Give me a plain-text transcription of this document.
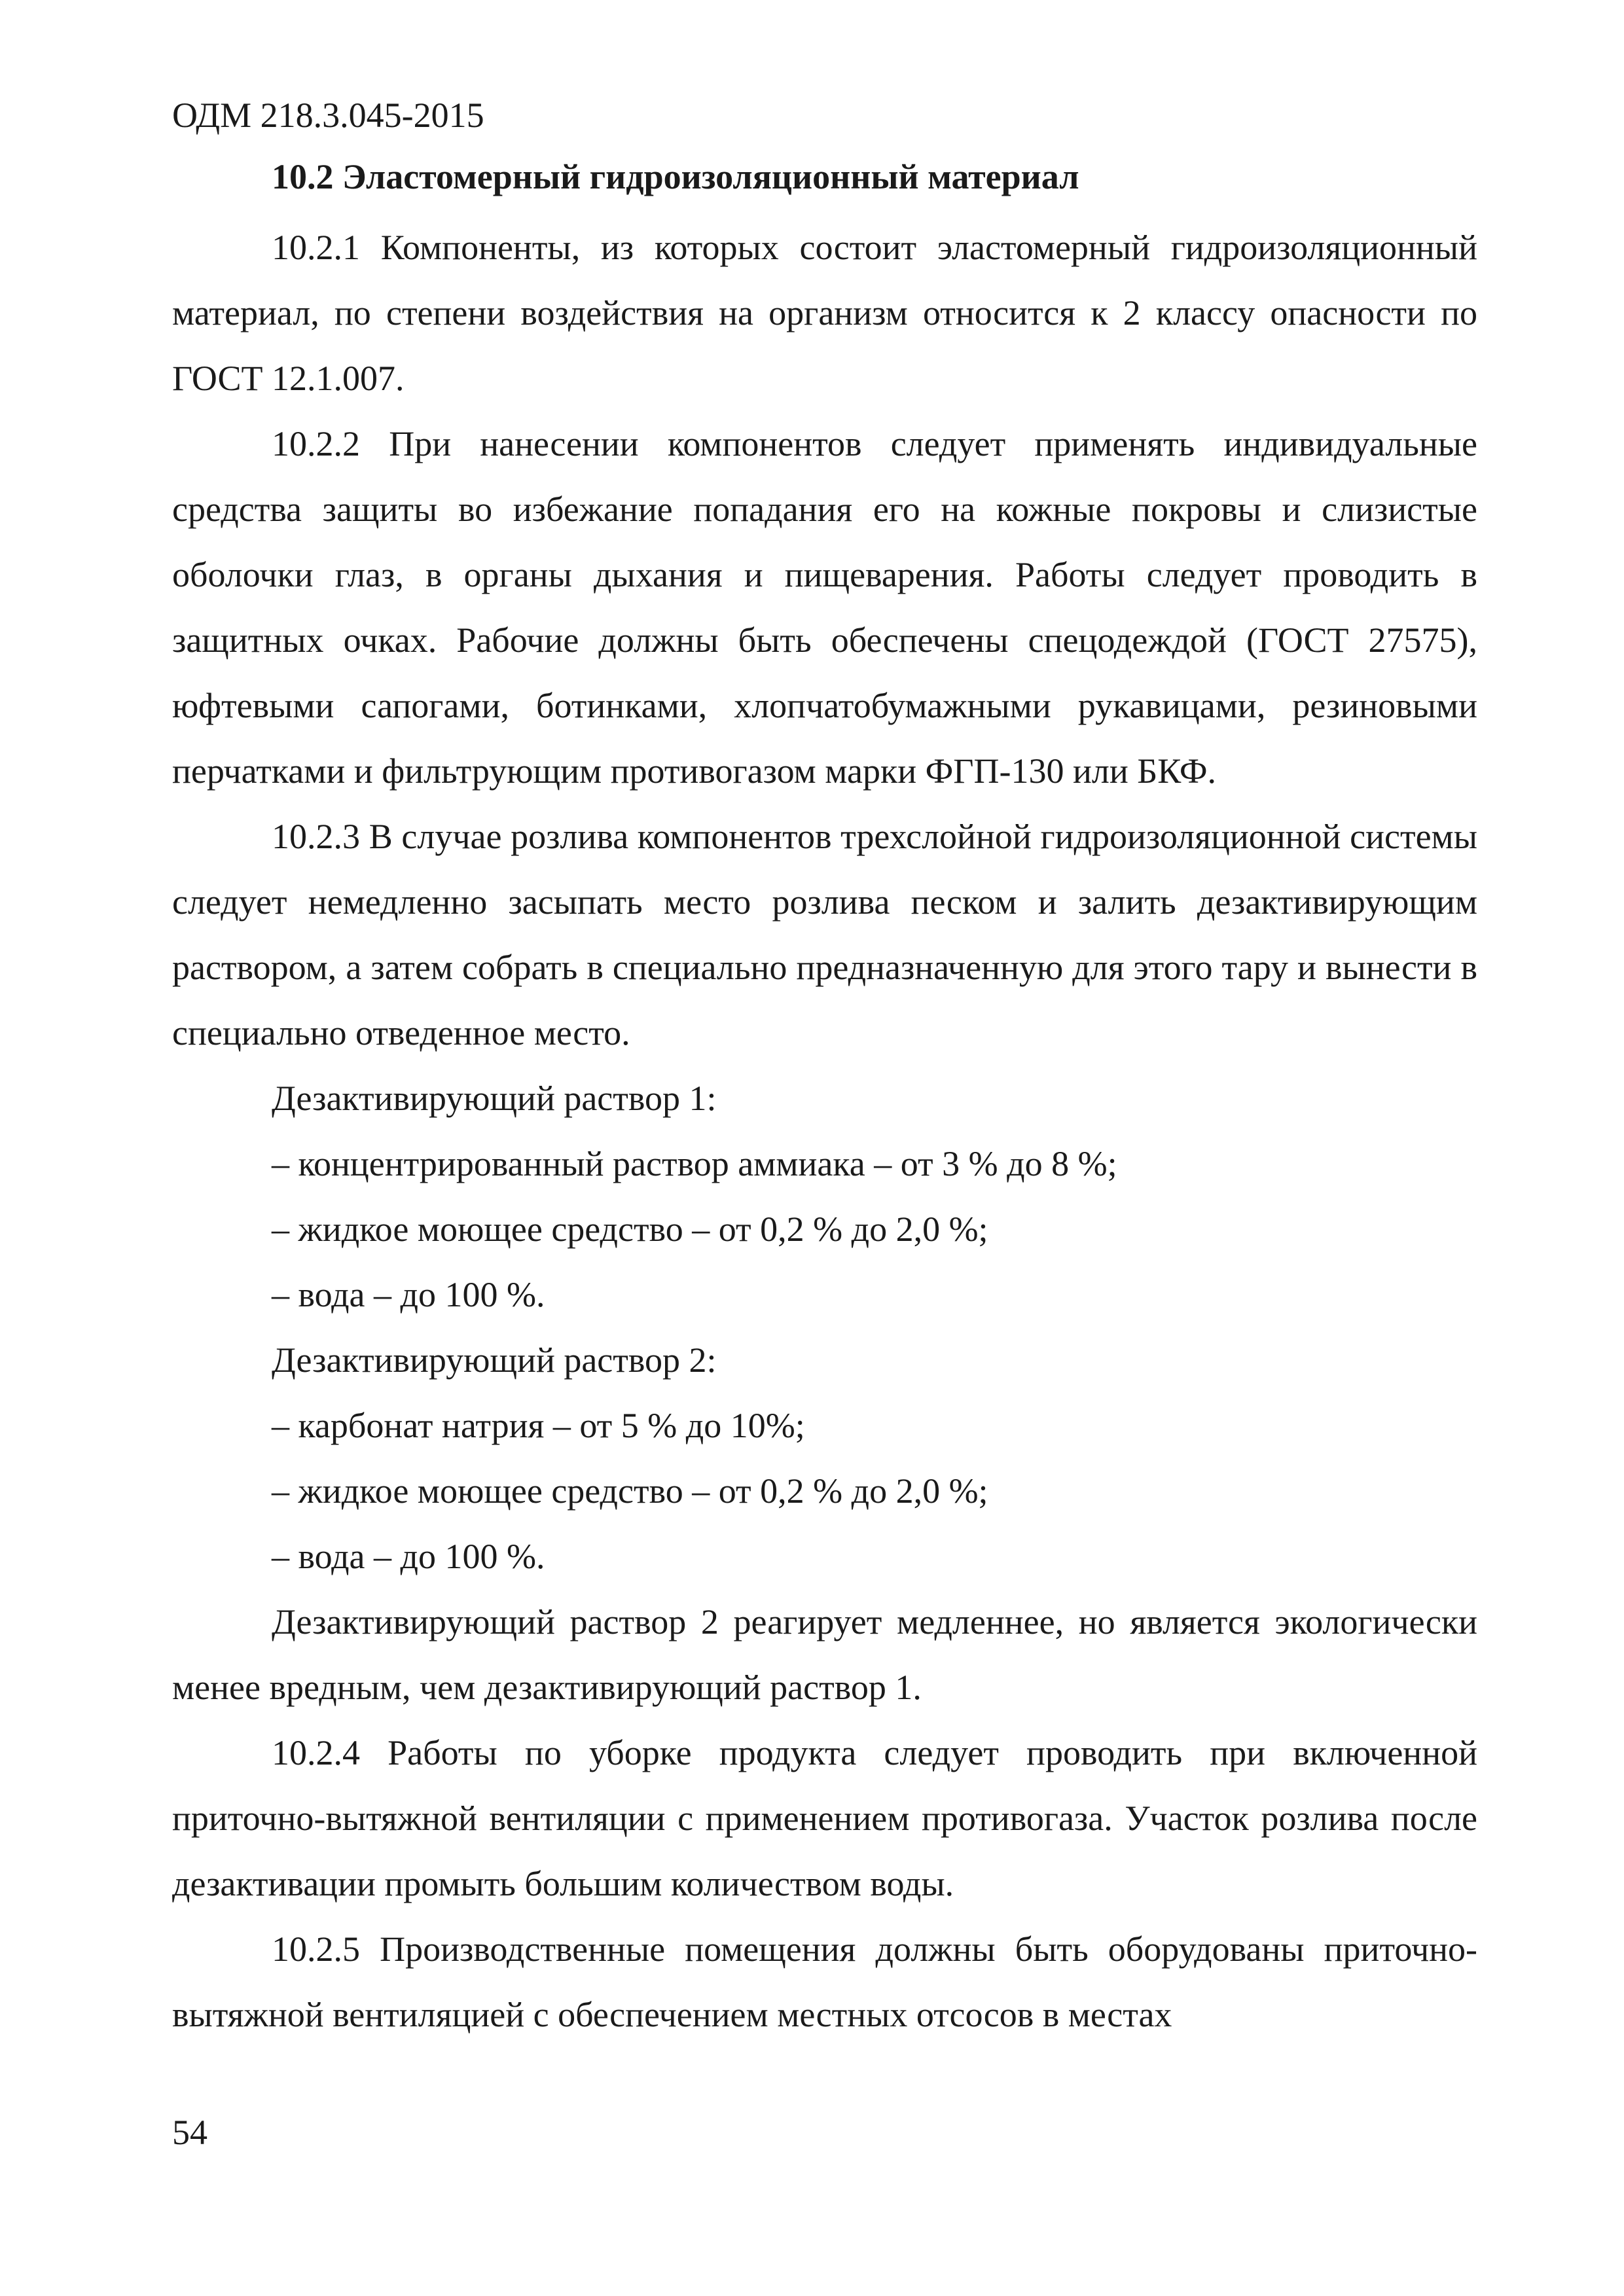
ОДМ 218.3.045-2015

10.2 Эластомерный гидроизоляционный материал

10.2.1 Компоненты, из которых состоит эластомерный гидроизоляционный материал, по степени воздействия на организм относится к 2 классу опасности по ГОСТ 12.1.007.

10.2.2 При нанесении компонентов следует применять индивидуальные средства защиты во избежание попадания его на кожные покровы и слизистые оболочки глаз, в органы дыхания и пищеварения. Работы следует проводить в защитных очках. Рабочие должны быть обеспечены спецодеждой (ГОСТ 27575), юфтевыми сапогами, ботинками, хлопчатобумажными рукавицами, резиновыми перчатками и фильтрующим противогазом марки ФГП-130 или БКФ.

10.2.3 В случае розлива компонентов трехслойной гидроизоляционной системы следует немедленно засыпать место розлива песком и залить дезактивирующим раствором, а затем собрать в специально предназначенную для этого тару и вынести в специально отведенное место.

Дезактивирующий раствор 1:

– концентрированный раствор аммиака – от 3 % до 8 %;

– жидкое моющее средство – от 0,2 % до 2,0 %;

– вода – до 100 %.

Дезактивирующий раствор 2:

– карбонат натрия – от 5 % до 10%;

– жидкое моющее средство – от 0,2 % до 2,0 %;

– вода – до 100 %.

Дезактивирующий раствор 2 реагирует медленнее, но является экологически менее вредным, чем дезактивирующий раствор 1.

10.2.4 Работы по уборке продукта следует проводить при включенной приточно-вытяжной вентиляции с применением противогаза. Участок розлива после дезактивации промыть большим количеством воды.

10.2.5 Производственные помещения должны быть оборудованы приточно-вытяжной вентиляцией с обеспечением местных отсосов в местах

54
